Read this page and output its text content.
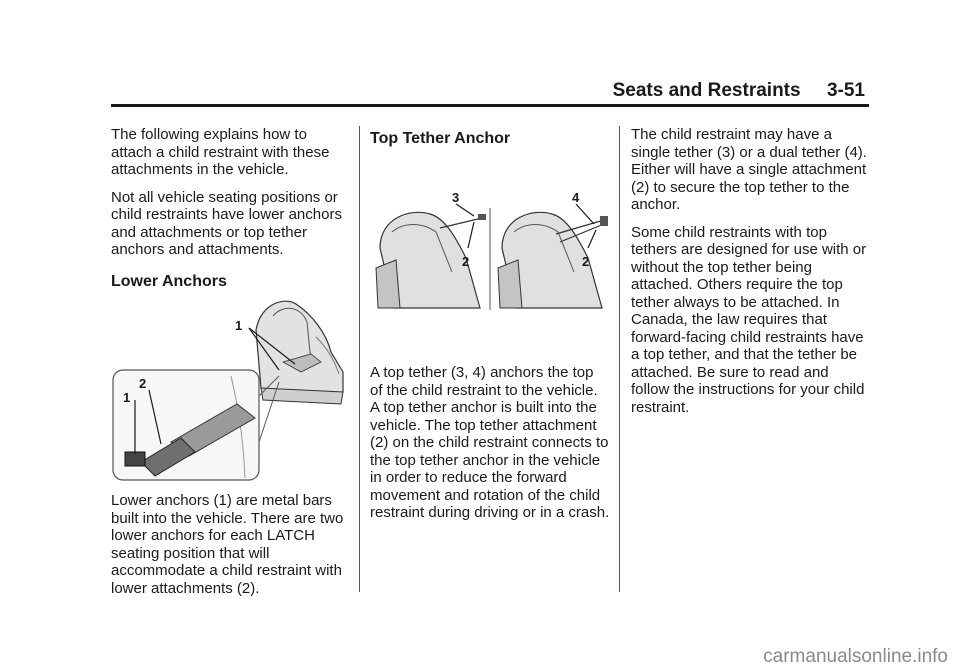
Seats and Restraints     3-51

The following explains how to attach a child restraint with these attachments in the vehicle.

Not all vehicle seating positions or child restraints have lower anchors and attachments or top tether anchors and attachments.

Lower Anchors
1
2
1

Lower anchors (1) are metal bars built into the vehicle. There are two lower anchors for each LATCH seating position that will accommodate a child restraint with lower attachments (2).

Top Tether Anchor
3
2
4
2

A top tether (3, 4) anchors the top of the child restraint to the vehicle. A top tether anchor is built into the vehicle. The top tether attachment (2) on the child restraint connects to the top tether anchor in the vehicle in order to reduce the forward movement and rotation of the child restraint during driving or in a crash.

The child restraint may have a single tether (3) or a dual tether (4). Either will have a single attachment (2) to secure the top tether to the anchor.

Some child restraints with top tethers are designed for use with or without the top tether being attached. Others require the top tether always to be attached. In Canada, the law requires that forward-facing child restraints have a top tether, and that the tether be attached. Be sure to read and follow the instructions for your child restraint.

carmanualsonline.info
